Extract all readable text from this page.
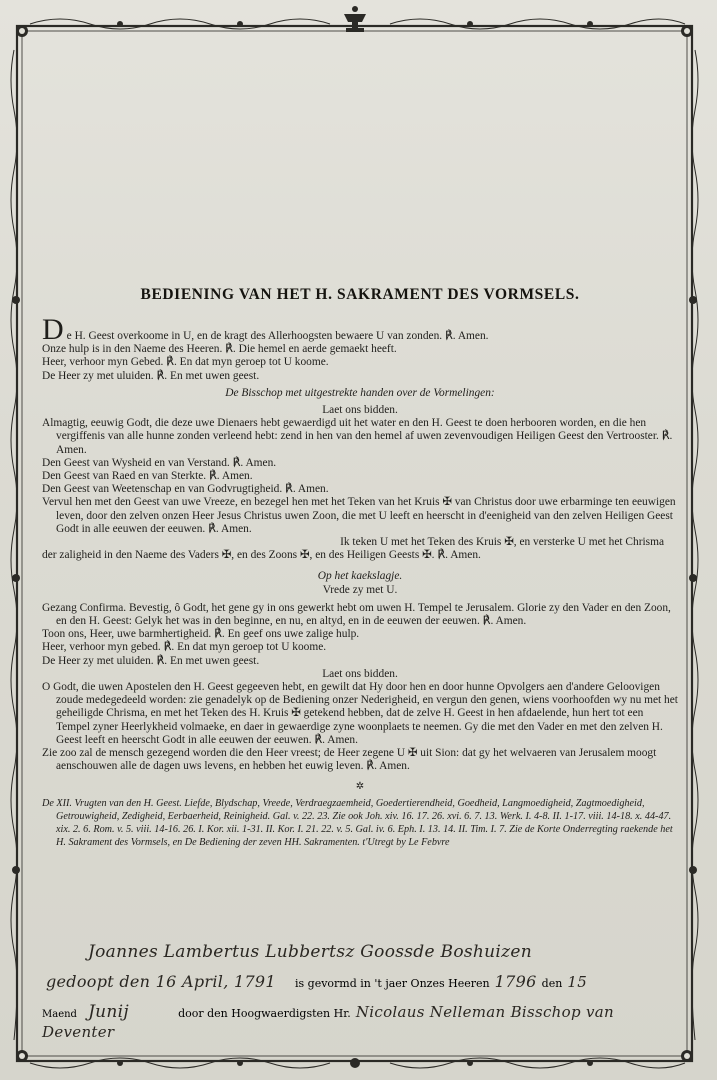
BEDIENING VAN HET H. SAKRAMENT DES VORMSELS.
D e H. Geest overkoome in U, en de kragt des Allerhoogsten bewaere U van zonden. ℟. Amen.

Onze hulp is in den Naeme des Heeren. ℟. Die hemel en aerde gemaekt heeft.

Heer, verhoor myn Gebed. ℟. En dat myn geroep tot U koome.

De Heer zy met uluiden. ℟. En met uwen geest.

De Bisschop met uitgestrekte handen over de Vormelingen:

Laet ons bidden.

Almagtig, eeuwig Godt, die deze uwe Dienaers hebt gewaerdigd uit het water en den H. Geest te doen herbooren worden, en die hen vergiffenis van alle hunne zonden verleend hebt: zend in hen van den hemel af uwen zevenvoudigen Heiligen Geest den Vertrooster. ℟. Amen.

Den Geest van Wysheid en van Verstand. ℟. Amen.

Den Geest van Raed en van Sterkte. ℟. Amen.

Den Geest van Weetenschap en van Godvrugtigheid. ℟. Amen.

Vervul hen met den Geest van uwe Vreeze, en bezegel hen met het Teken van het Kruis ✠ van Christus door uwe erbarminge ten eeuwigen leven, door den zelven onzen Heer Jesus Christus uwen Zoon, die met U leeft en heerscht in d'eenigheid van den zelven Heiligen Geest Godt in alle eeuwen der eeuwen. ℟. Amen.

Ik teken U met het Teken des Kruis ✠, en versterke U met het Chrisma

der zaligheid in den Naeme des Vaders ✠, en des Zoons ✠, en des Heiligen Geests ✠. ℟. Amen.

Op het kaekslagje.

Vrede zy met U.

Gezang Confirma. Bevestig, ô Godt, het gene gy in ons gewerkt hebt om uwen H. Tempel te Jerusalem. Glorie zy den Vader en den Zoon, en den H. Geest: Gelyk het was in den beginne, en nu, en altyd, en in de eeuwen der eeuwen. ℟. Amen.

Toon ons, Heer, uwe barmhertigheid. ℟. En geef ons uwe zalige hulp.

Heer, verhoor myn gebed. ℟. En dat myn geroep tot U koome.

De Heer zy met uluiden. ℟. En met uwen geest.

Laet ons bidden.

O Godt, die uwen Apostelen den H. Geest gegeeven hebt, en gewilt dat Hy door hen en door hunne Opvolgers aen d'andere Geloovigen zoude medegedeeld worden: zie genadelyk op de Bediening onzer Nederigheid, en vergun den genen, wiens voorhoofden wy nu met het geheiligde Chrisma, en met het Teken des H. Kruis ✠ getekend hebben, dat de zelve H. Geest in hen afdaelende, hun hert tot een Tempel zyner Heerlykheid volmaeke, en daer in gewaerdige zyne woonplaets te neemen. Gy die met den Vader en met den zelven H. Geest leeft en heerscht Godt in alle eeuwen der eeuwen. ℟. Amen.

Zie zoo zal de mensch gezegend worden die den Heer vreest; de Heer zegene U ✠ uit Sion: dat gy het welvaeren van Jerusalem moogt aenschouwen alle de dagen uws levens, en hebben het euwig leven. ℟. Amen.

✲

De XII. Vrugten van den H. Geest. Liefde, Blydschap, Vreede, Verdraegzaemheid, Goedertierendheid, Goedheid, Langmoedigheid, Zagtmoedigheid, Getrouwigheid, Zedigheid, Eerbaerheid, Reinigheid. Gal. v. 22. 23. Zie ook Joh. xiv. 16. 17. 26. xvi. 6. 7. 13. Werk. I. 4-8. II. 1-17. viii. 14-18. x. 44-47. xix. 2. 6. Rom. v. 5. viii. 14-16. 26. I. Kor. xii. 1-31. II. Kor. I. 21. 22. v. 5. Gal. iv. 6. Eph. I. 13. 14. II. Tim. I. 7. Zie de Korte Onderregting raekende het H. Sakrament des Vormsels, en De Bediening der zeven HH. Sakramenten. t'Utregt by Le Febvre

Joannes Lambertus Lubbertsz Goossde Boshuizen
gedoopt den 16 April, 1791 is gevormd in 't jaer Onzes Heeren 1796 den 15
Maend Junij	door den Hoogwaerdigsten Hr. Nicolaus Nelleman Bisschop van Deventer
